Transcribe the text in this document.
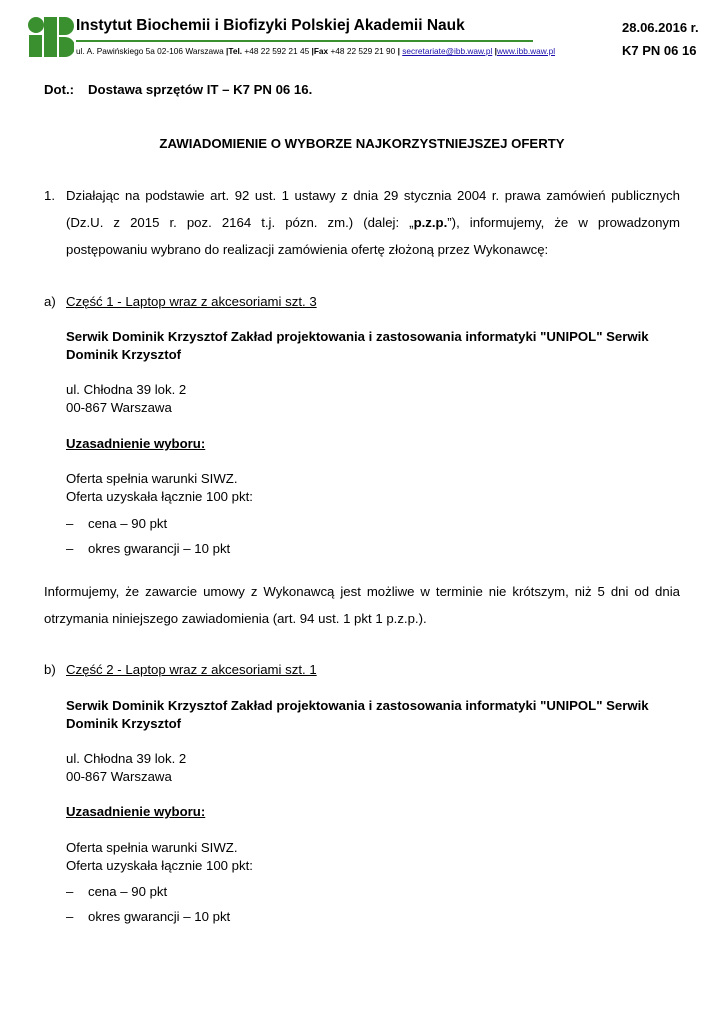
Instytut Biochemii i Biofizyki Polskiej Akademii Nauk
ul. A. Pawińskiego 5a 02-106 Warszawa |Tel. +48 22 592 21 45 |Fax +48 22 529 21 90 | secretariate@ibb.waw.pl |www.ibb.waw.pl
28.06.2016 r.
K7 PN 06 16
Dot.: Dostawa sprzętów IT – K7 PN 06 16.
ZAWIADOMIENIE O WYBORZE NAJKORZYSTNIEJSZEJ OFERTY
1. Działając na podstawie art. 92 ust. 1 ustawy z dnia 29 stycznia 2004 r. prawa zamówień publicznych
(Dz.U. z 2015 r. poz. 2164 t.j. pózn. zm.) (dalej: „p.z.p.”), informujemy, że w prowadzonym
postępowaniu wybrano do realizacji zamówienia ofertę złożoną przez Wykonawcę:
a) Część 1 - Laptop wraz z akcesoriami szt. 3
Serwik Dominik Krzysztof Zakład projektowania i zastosowania informatyki "UNIPOL" Serwik
Dominik Krzysztof
ul. Chłodna 39 lok. 2
00-867 Warszawa
Uzasadnienie wyboru:
Oferta spełnia warunki SIWZ.
Oferta uzyskała łącznie 100 pkt:
– cena – 90 pkt
– okres gwarancji – 10 pkt
Informujemy, że zawarcie umowy z Wykonawcą jest możliwe w terminie nie krótszym, niż 5 dni od dnia
otrzymania niniejszego zawiadomienia (art. 94 ust. 1 pkt 1 p.z.p.).
b) Część 2 - Laptop wraz z akcesoriami szt. 1
Serwik Dominik Krzysztof Zakład projektowania i zastosowania informatyki "UNIPOL" Serwik
Dominik Krzysztof
ul. Chłodna 39 lok. 2
00-867 Warszawa
Uzasadnienie wyboru:
Oferta spełnia warunki SIWZ.
Oferta uzyskała łącznie 100 pkt:
– cena – 90 pkt
– okres gwarancji – 10 pkt
